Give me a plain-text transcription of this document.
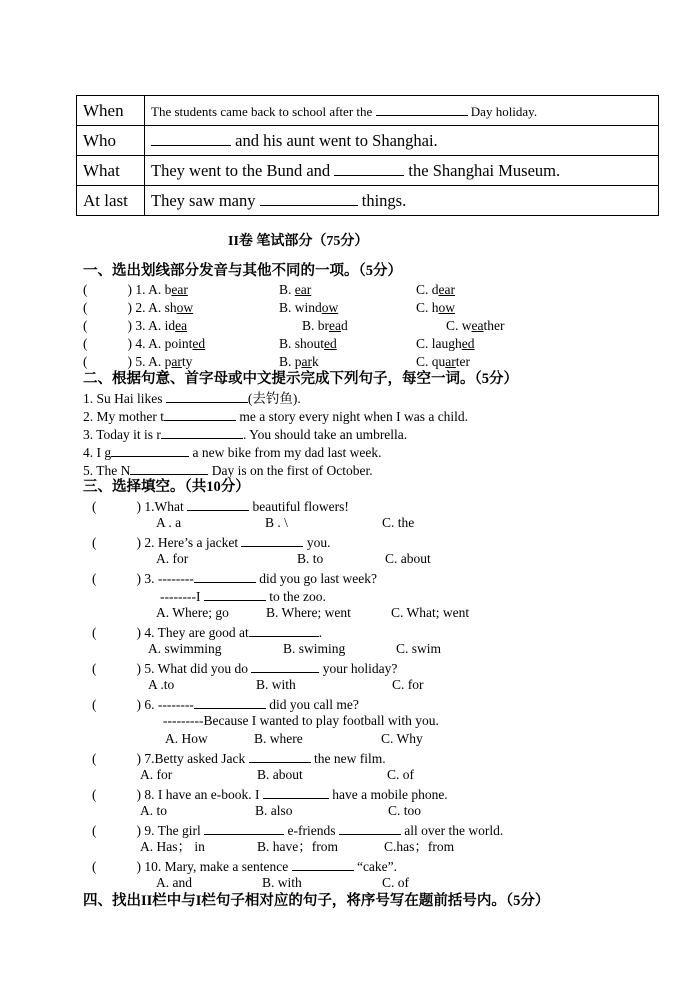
When	The students came back to school after the Day holiday.
Who	and his aunt went to Shanghai.
What	They went to the Bund and the Shanghai Museum.
At last	They saw many things.
II卷 笔试部分（75分）
一、选出划线部分发音与其他不同的一项。（5分）
(	) 1. A. bear	B. ear	C. dear
(	) 2. A. show	B. window	C. how
(	) 3. A. idea	B. bread	C. weather
(	) 4. A. pointed	B. shouted	C. laughed
(	) 5. A. party	B. park	C. quarter
二、根据句意、首字母或中文提示完成下列句子，每空一词。（5分）
1. Su Hai likes	(去钓鱼).
2. My mother t	me a story every night when I was a child.
3. Today it is r	. You should take an umbrella.
4. I g	a new bike from my dad last week.
5. The N	Day is on the first of October.
三、选择填空。（共10分）
(	) 1.What	beautiful flowers!
A . a	B . \	C. the
(	) 2. Here’s a jacket	you.
A. for	B. to	C. about
(	) 3. --------	did you go last week?
--------I	to the zoo.
A. Where; go	B. Where; went	C. What; went
(	) 4. They are good at	.
A. swimming	B. swiming	C. swim
(	) 5. What did you do	your holiday?
A .to	B. with	C. for
(	) 6. --------	did you call me?
---------Because I wanted to play football with you.
A. How	B. where	C. Why
(	) 7.Betty asked Jack	the new film.
A. for	B. about	C. of
(	) 8. I have an e-book. I	have a mobile phone.
A. to	B. also	C. too
(	) 9. The girl	e-friends	all over the world.
A. Has； in	B. have；from	C.has；from
(	) 10. Mary, make a sentence	“cake”.
A. and	B. with	C. of
四、找出II栏中与I栏句子相对应的句子，将序号写在题前括号内。（5分）
